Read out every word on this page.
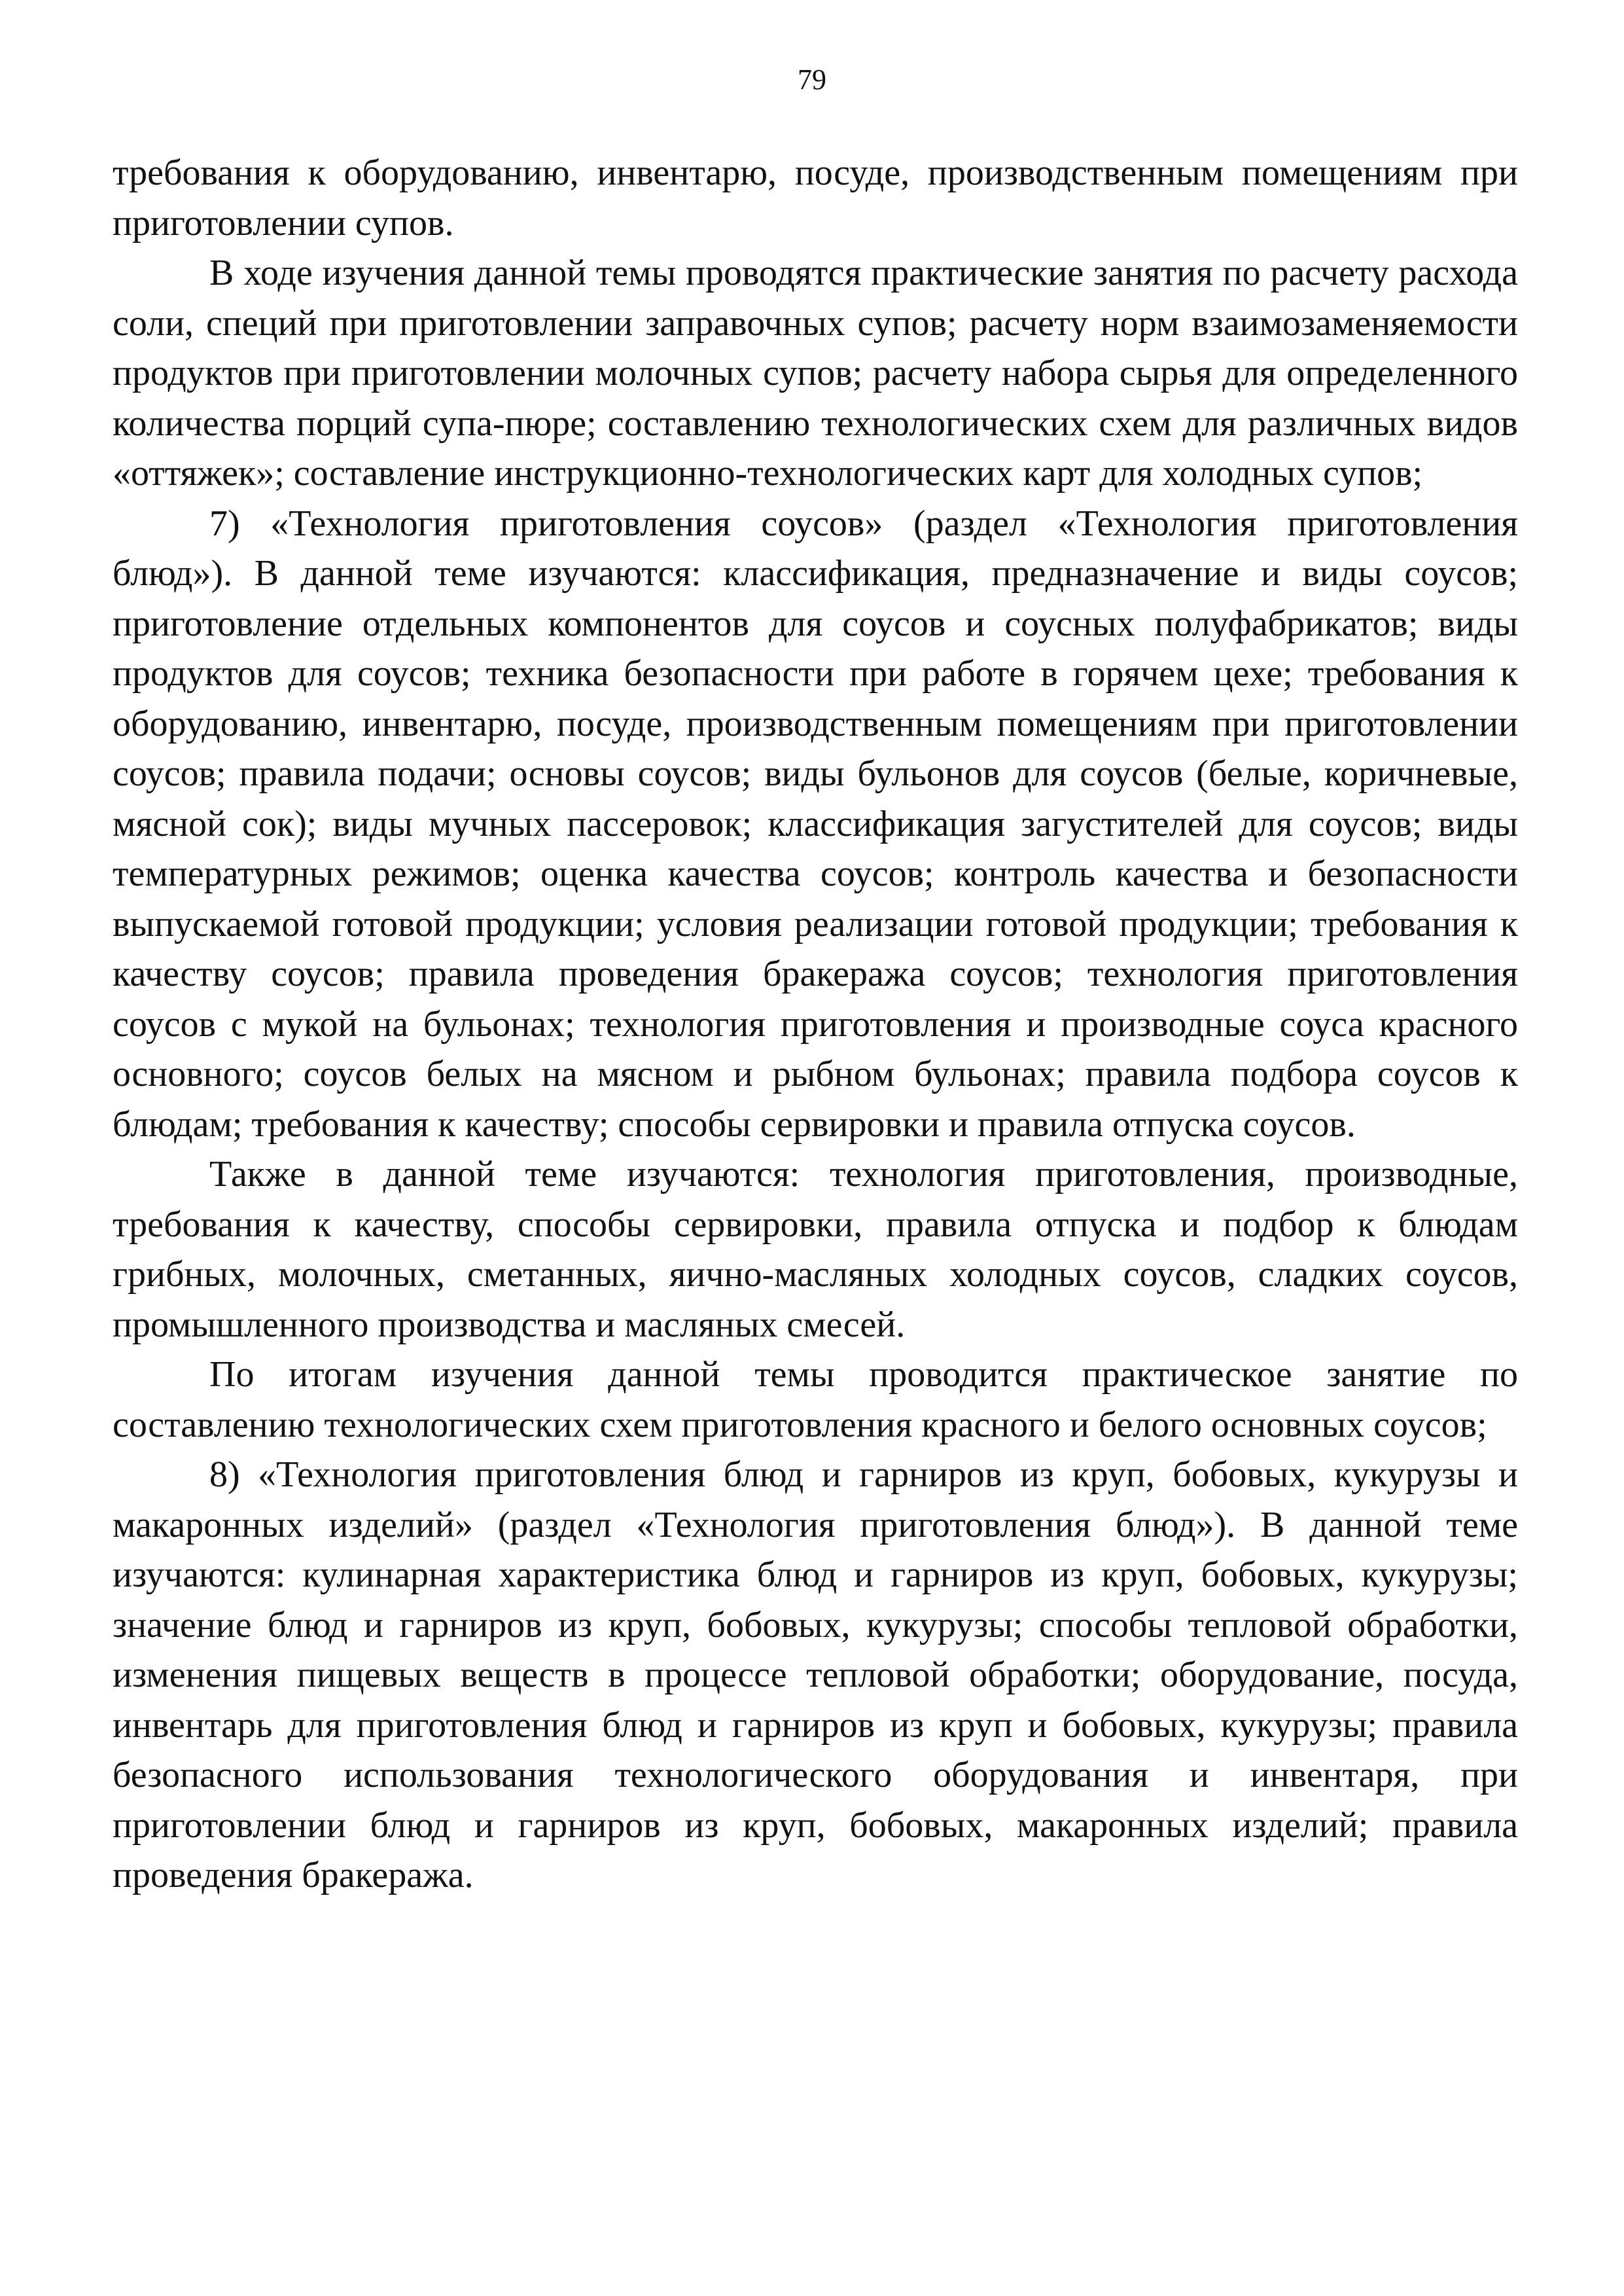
79

требования к оборудованию, инвентарю, посуде, производственным помещениям при приготовлении супов.

В ходе изучения данной темы проводятся практические занятия по расчету расхода соли, специй при приготовлении заправочных супов; расчету норм взаимозаменяемости продуктов при приготовлении молочных супов; расчету набора сырья для определенного количества порций супа-пюре; составлению технологических схем для различных видов «оттяжек»; составление инструкционно-технологических карт для холодных супов;

7) «Технология приготовления соусов» (раздел «Технология приготовления блюд»). В данной теме изучаются: классификация, предназначение и виды соусов; приготовление отдельных компонентов для соусов и соусных полуфабрикатов; виды продуктов для соусов; техника безопасности при работе в горячем цехе; требования к оборудованию, инвентарю, посуде, производственным помещениям при приготовлении соусов; правила подачи; основы соусов; виды бульонов для соусов (белые, коричневые, мясной сок); виды мучных пассеровок; классификация загустителей для соусов; виды температурных режимов; оценка качества соусов; контроль качества и безопасности выпускаемой готовой продукции; условия реализации готовой продукции; требования к качеству соусов; правила проведения бракеража соусов; технология приготовления соусов с мукой на бульонах; технология приготовления и производные соуса красного основного; соусов белых на мясном и рыбном бульонах; правила подбора соусов к блюдам; требования к качеству; способы сервировки и правила отпуска соусов.

Также в данной теме изучаются: технология приготовления, производные, требования к качеству, способы сервировки, правила отпуска и подбор к блюдам грибных, молочных, сметанных, яично-масляных холодных соусов, сладких соусов, промышленного производства и масляных смесей.

По итогам изучения данной темы проводится практическое занятие по составлению технологических схем приготовления красного и белого основных соусов;

8) «Технология приготовления блюд и гарниров из круп, бобовых, кукурузы и макаронных изделий» (раздел «Технология приготовления блюд»). В данной теме изучаются: кулинарная характеристика блюд и гарниров из круп, бобовых, кукурузы; значение блюд и гарниров из круп, бобовых, кукурузы; способы тепловой обработки, изменения пищевых веществ в процессе тепловой обработки; оборудование, посуда, инвентарь для приготовления блюд и гарниров из круп и бобовых, кукурузы; правила безопасного использования технологического оборудования и инвентаря, при приготовлении блюд и гарниров из круп, бобовых, макаронных изделий; правила проведения бракеража.
